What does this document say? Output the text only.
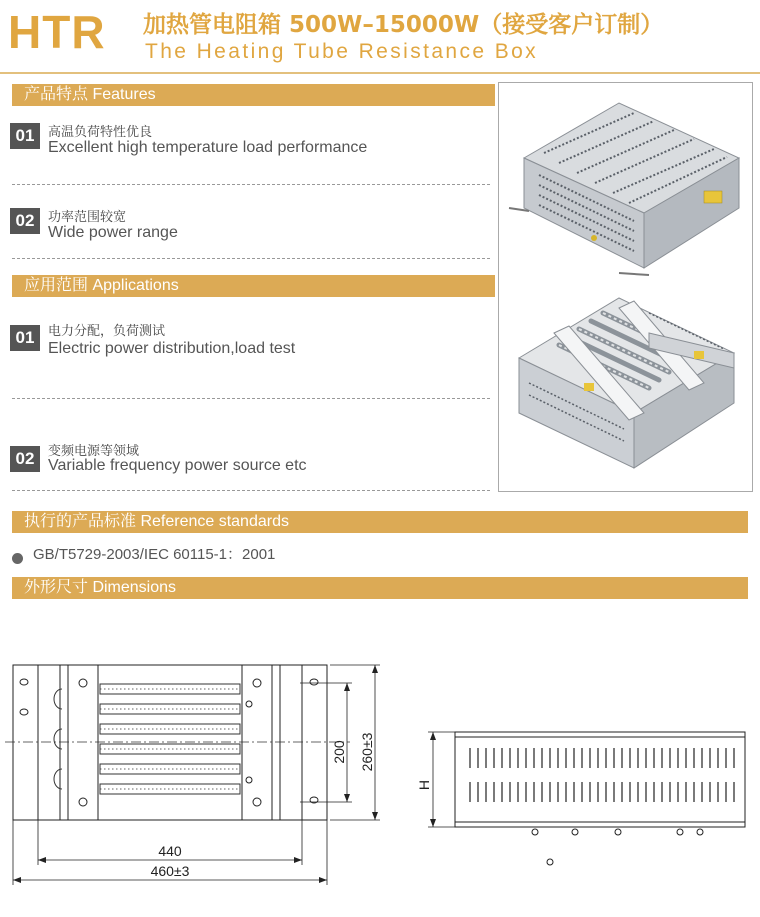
HTR 加热管电阻箱 500W–15000W（接受客户订制）
The Heating Tube Resistance Box
产品特点 Features
01	高温负荷特性优良
Excellent high temperature load performance
02	功率范围较宽
Wide power range
应用范围 Applications
01	电力分配，负荷测试
Electric power distribution,load test
02	变频电源等领域
Variable frequency power source etc
执行的产品标准 Reference standards
GB/T5729-2003/IEC 60115-1：2001
外形尺寸 Dimensions
200 260±3
440
460±3
H
